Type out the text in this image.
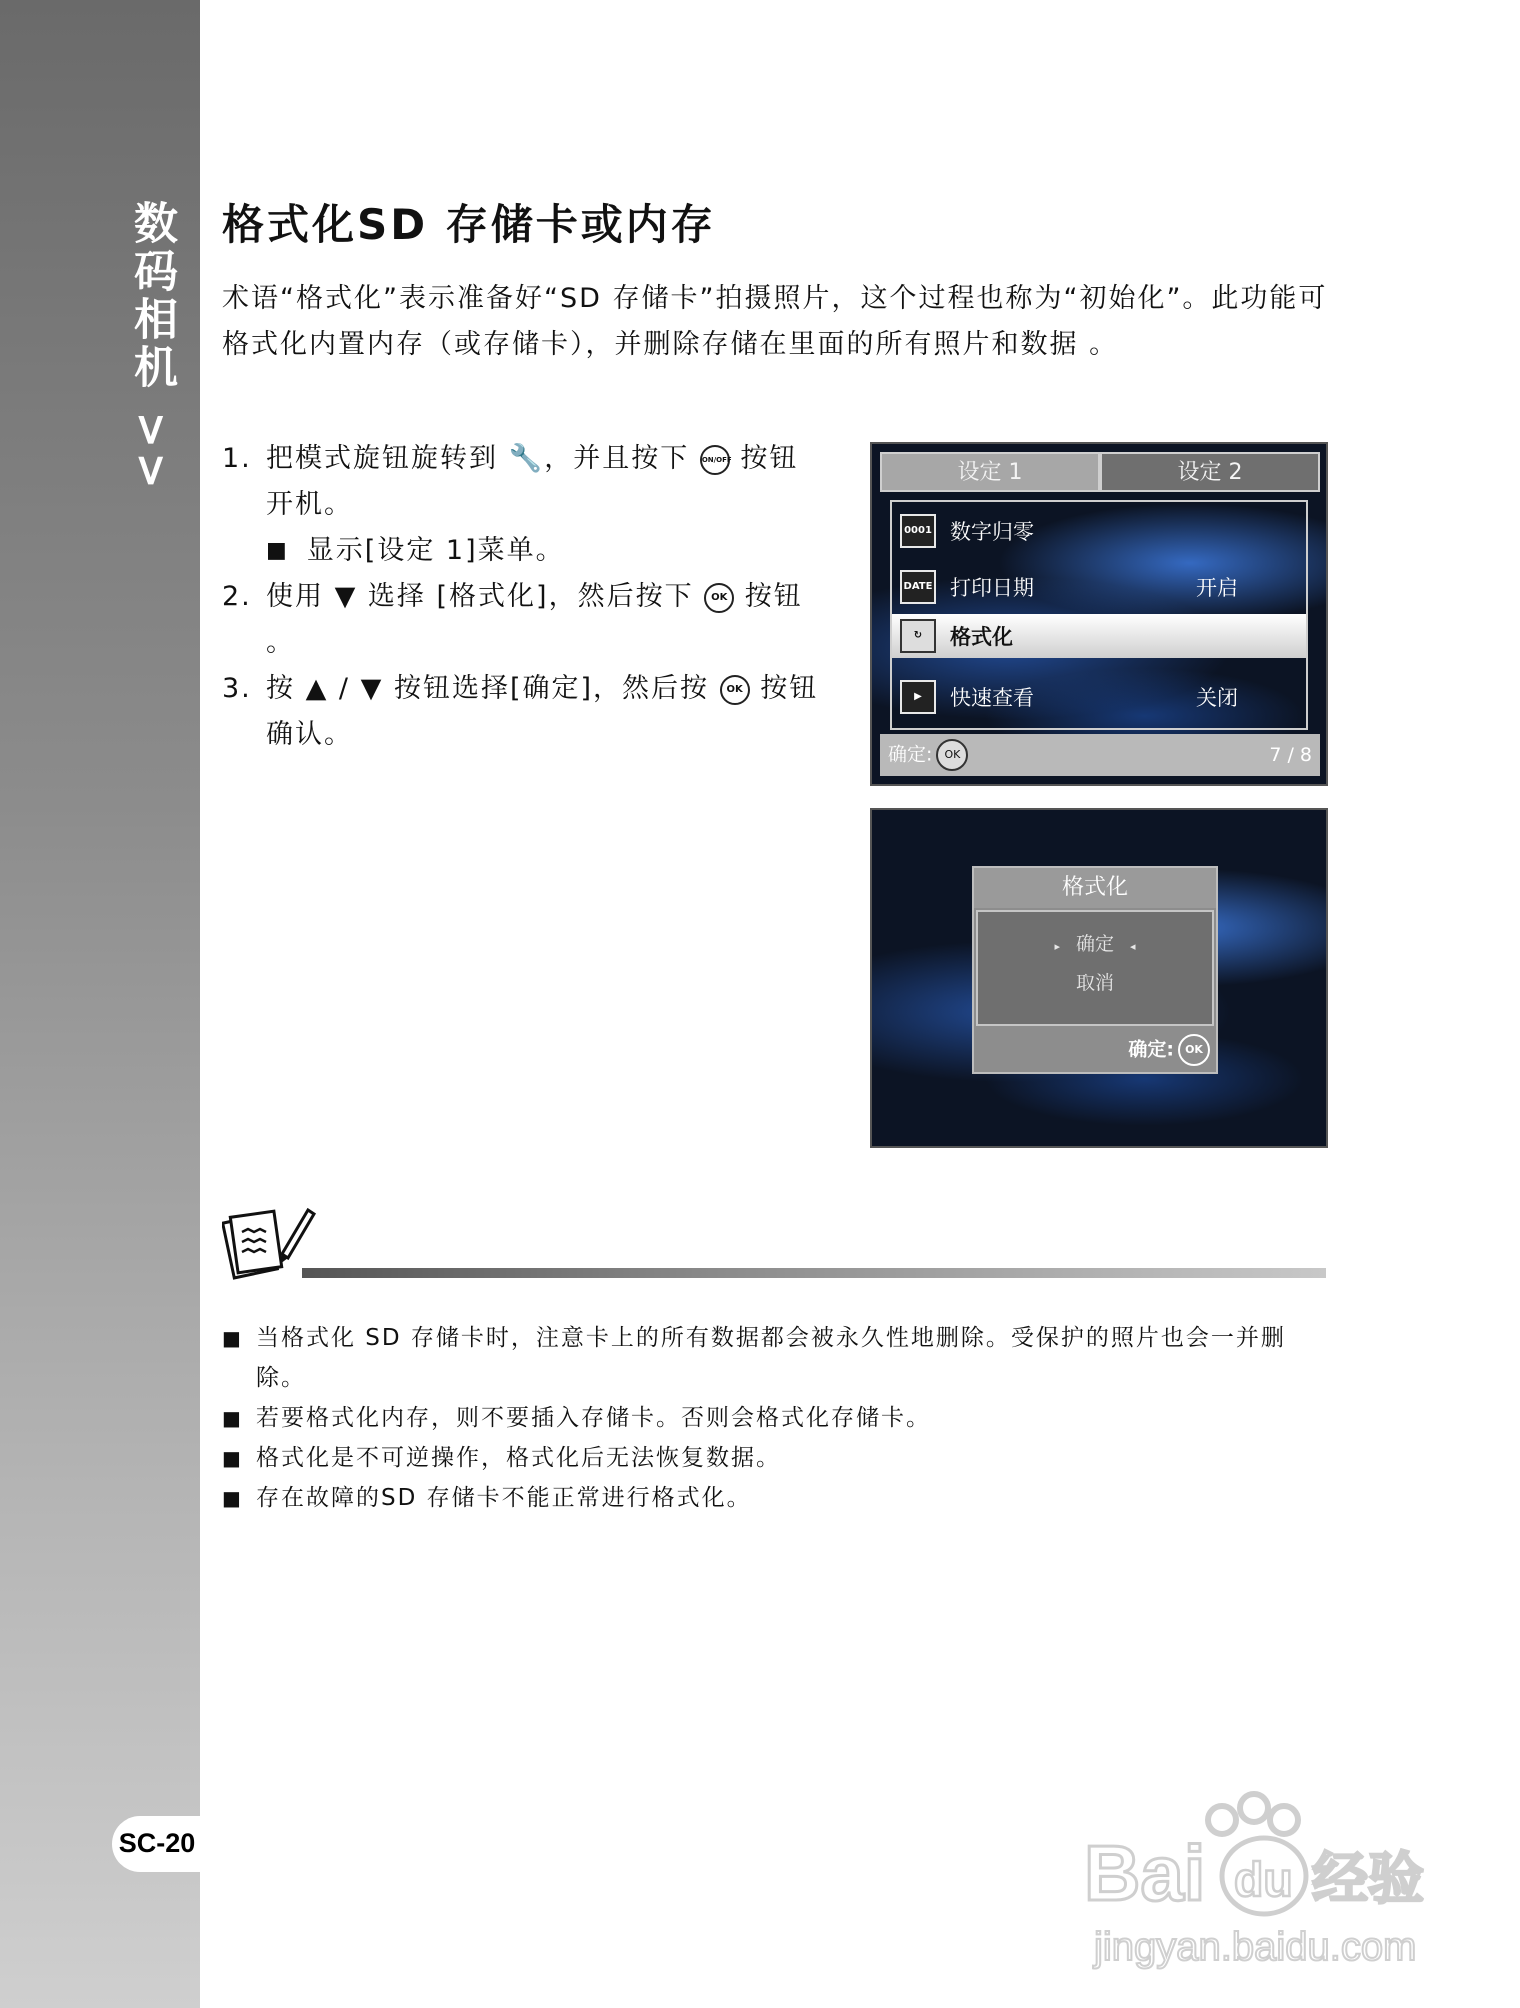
数码相机 >>
SC-20
格式化SD 存储卡或内存

术语“格式化”表示准备好“SD 存储卡”拍摄照片，这个过程也称为“初始化”。此功能可格式化内置内存（或存储卡），并删除存储在里面的所有照片和数据 。

1. 把模式旋钮旋转到 🔧，并且按下 ON/OFF 按钮开机。
■ 显示[设定 1]菜单。
2. 使用 ▼ 选择 [格式化]，然后按下 OK 按钮 。
3. 按 ▲ / ▼ 按钮选择[确定]，然后按 OK 按钮确认。
设定 1	设定 2
0001 数字归零
DATE 打印日期	开启
↻	格式化
▶	快速查看	关闭
确定: OK	7 / 8
格式化
▸ 确定 ◂
取消
确定: OK
■ 当格式化 SD 存储卡时，注意卡上的所有数据都会被永久性地删除。受保护的照片也会一并删除。
■ 若要格式化内存，则不要插入存储卡。否则会格式化存储卡。
■ 格式化是不可逆操作，格式化后无法恢复数据。
■ 存在故障的SD 存储卡不能正常进行格式化。
Bai du 经验
jingyan.baidu.com
